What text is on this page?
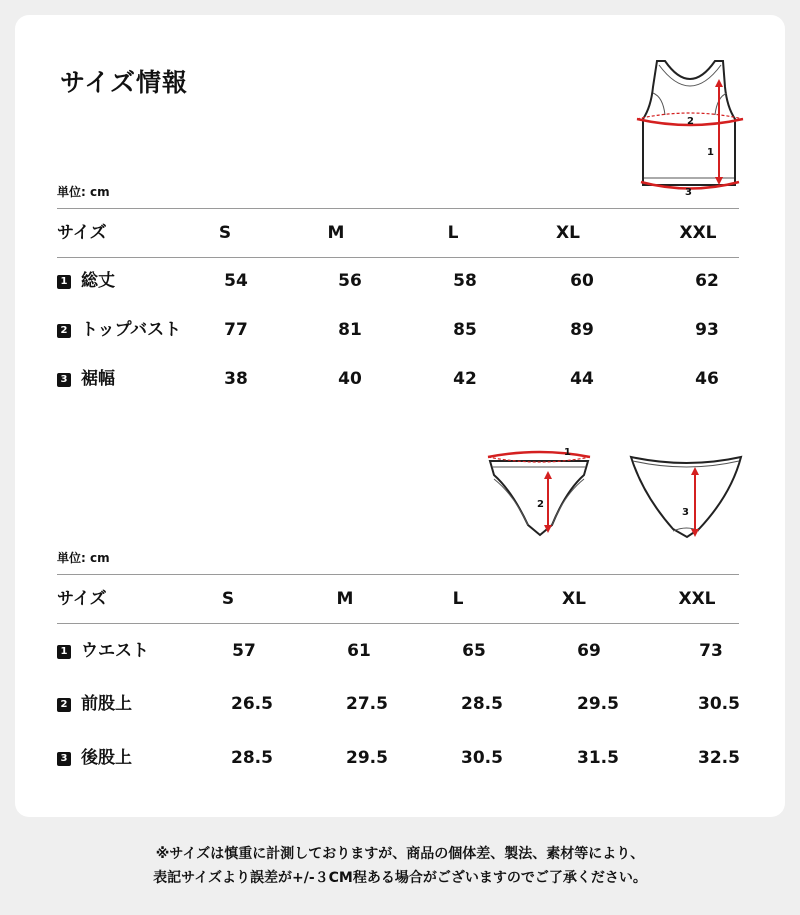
サイズ情報
2
1
3
単位: cm
サイズ	S	M	L	XL	XXL
1 総丈	54	56	58	60	62
2 トップバスト	77	81	85	89	93
3 裾幅	38	40	42	44	46
1
2
3
単位: cm
サイズ	S	M	L	XL	XXL
1 ウエスト	57	61	65	69	73
2 前股上	26.5	27.5	28.5	29.5	30.5
3 後股上	28.5	29.5	30.5	31.5	32.5
※サイズは慎重に計測しておりますが、商品の個体差、製法、素材等により、
表記サイズより誤差が+/-３CM程ある場合がございますのでご了承ください。
